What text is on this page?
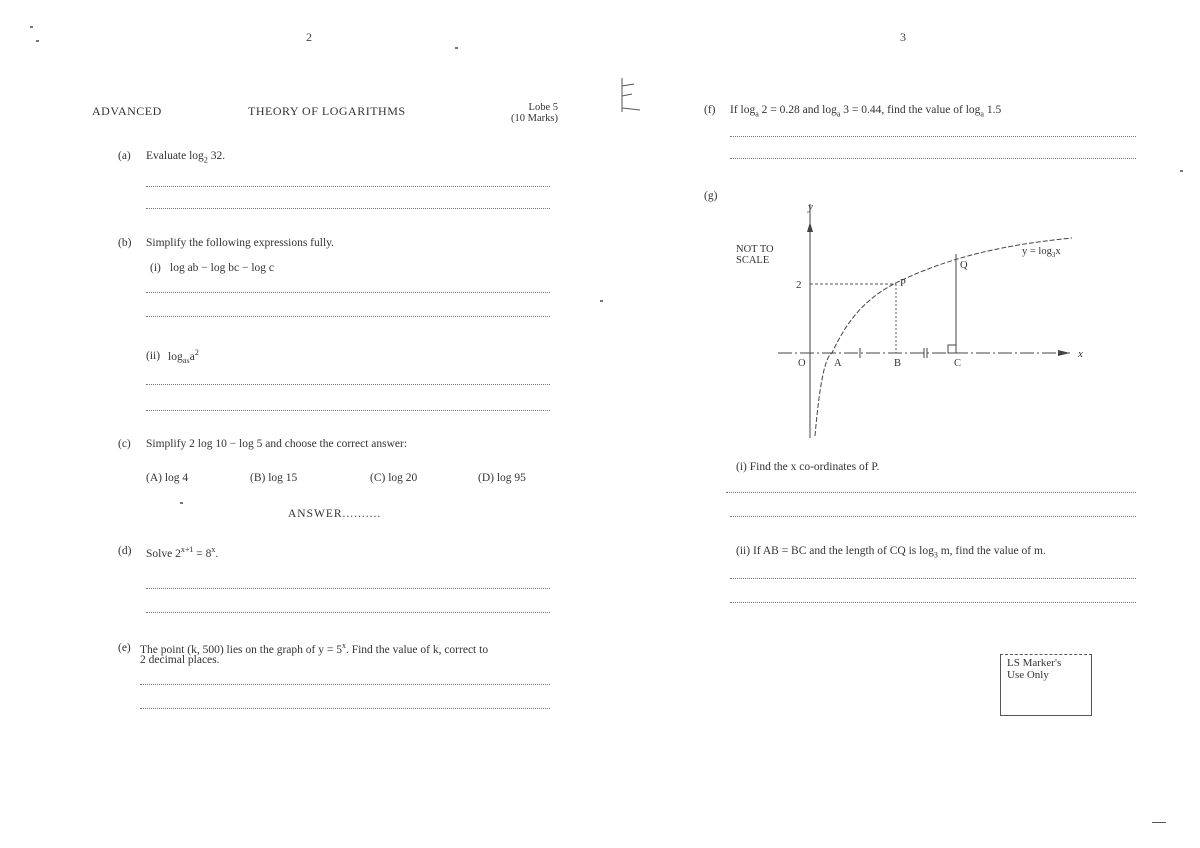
2	3
ADVANCED	THEORY OF LOGARITHMS	Lobe 5
(10 Marks)
(a) Evaluate $\log_2 32$.
(b) Simplify the following expressions fully.
(i) log ab − log bc − log c
(ii) $\log_{ax}a^2$
(c) Simplify 2 log 10 − log 5 and choose the correct answer:
(A) log 4	(B) log 15	(C) log 20	(D) log 95
ANSWER..........
(d) Solve $2^{x+1} = 8^x$.
(e) The point (k, 500) lies on the graph of $y = 5^x$. Find the value of k, correct to
2 decimal places.
(f) If $\log_a 2 = 0.28$ and $\log_a 3 = 0.44$, find the value of $\log_a 1.5$
(g)
NOT TO
SCALE
y
x
$y = \log_3x$
2
O	A	B	C
P
Q
(i) Find the x co-ordinates of P.
(ii) If AB = BC and the length of CQ is $\log_3 m$, find the value of m.
LS Marker's
Use Only
